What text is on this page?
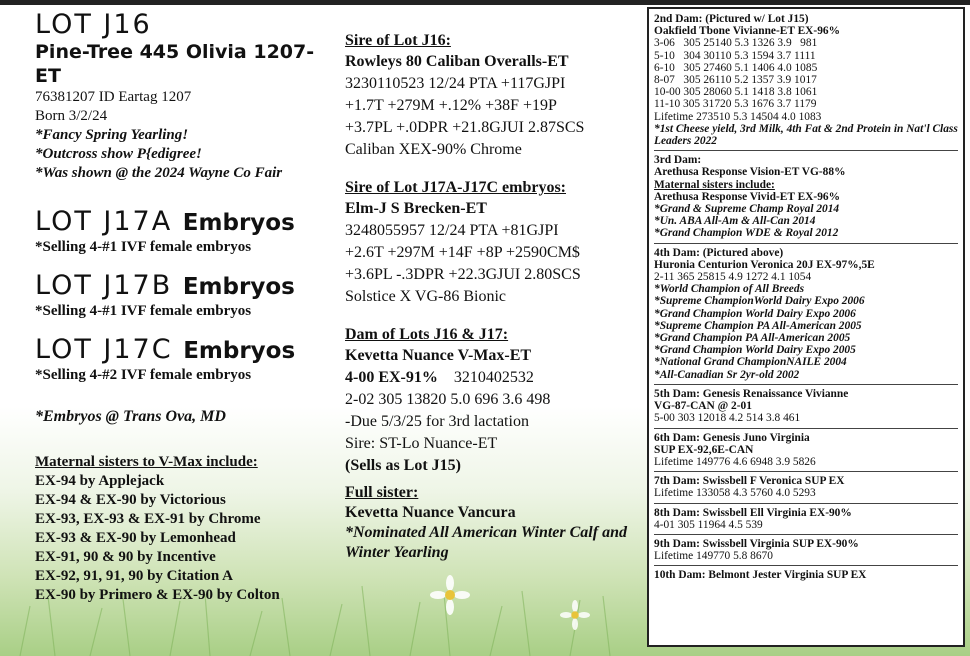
LOT J16
Pine-Tree 445 Olivia 1207-ET
76381207 ID Eartag 1207
Born 3/2/24
*Fancy Spring Yearling!
*Outcross show P{edigree!
*Was shown @ the 2024 Wayne Co Fair
LOT J17A Embryos
*Selling 4-#1 IVF female embryos
LOT J17B Embryos
*Selling 4-#1 IVF female embryos
LOT J17C Embryos
*Selling 4-#2 IVF female embryos
*Embryos @ Trans Ova, MD
Maternal sisters to V-Max include:
EX-94 by Applejack
EX-94 & EX-90 by Victorious
EX-93, EX-93 & EX-91 by Chrome
EX-93 & EX-90 by Lemonhead
EX-91, 90 & 90 by Incentive
EX-92, 91, 91, 90 by Citation A
EX-90 by Primero & EX-90 by Colton
Sire of Lot J16:
Rowleys 80 Caliban Overalls-ET
3230110523 12/24 PTA +117GJPI
+1.7T +279M +.12% +38F +19P
+3.7PL +.0DPR +21.8GJUI 2.87SCS
Caliban XEX-90% Chrome
Sire of Lot J17A-J17C embryos:
Elm-J S Brecken-ET
3248055957 12/24 PTA +81GJPI
+2.6T +297M +14F +8P +2590CM$
+3.6PL -.3DPR +22.3GJUI 2.80SCS
Solstice X VG-86 Bionic
Dam of Lots J16 & J17:
Kevetta Nuance V-Max-ET
4-00 EX-91% 3210402532
2-02 305 13820 5.0 696 3.6 498
-Due 5/3/25 for 3rd lactation
Sire: ST-Lo Nuance-ET
(Sells as Lot J15)
Full sister:
Kevetta Nuance Vancura
*Nominated All American Winter Calf and Winter Yearling
2nd Dam: (Pictured w/ Lot J15)
Oakfield Tbone Vivianne-ET EX-96%
3-06   305 25140 5.3 1326 3.9   981
5-10   304 30110 5.3 1594 3.7 1111
6-10   305 27460 5.1 1406 4.0 1085
8-07   305 26110 5.2 1357 3.9 1017
10-00 305 28060 5.1 1418 3.8 1061
11-10 305 31720 5.3 1676 3.7 1179
Lifetime 273510 5.3 14504 4.0 1083
*1st Cheese yield, 3rd Milk, 4th Fat & 2nd Protein in Nat'l Class Leaders 2022
3rd Dam:
Arethusa Response Vision-ET VG-88%
Maternal sisters include:
Arethusa Response Vivid-ET EX-96%
*Grand & Supreme Champ Royal 2014
*Un. ABA All-Am & All-Can 2014
*Grand Champion WDE & Royal 2012
4th Dam: (Pictured above)
Huronia Centurion Veronica 20J EX-97%,5E
2-11 365 25815 4.9 1272 4.1 1054
*World Champion of All Breeds
*Supreme ChampionWorld Dairy Expo 2006
*Grand Champion World Dairy Expo 2006
*Supreme Champion PA All-American 2005
*Grand Champion PA All-American 2005
*Grand Champion World Dairy Expo 2005
*National Grand ChampionNAILE 2004
*All-Canadian Sr 2yr-old 2002
5th Dam: Genesis Renaissance Vivianne
VG-87-CAN @ 2-01
5-00 303 12018 4.2 514 3.8 461
6th Dam: Genesis Juno Virginia
SUP EX-92,6E-CAN
Lifetime 149776 4.6 6948 3.9 5826
7th Dam: Swissbell F Veronica SUP EX
Lifetime 133058 4.3 5760 4.0 5293
8th Dam: Swissbell Ell Virginia EX-90%
4-01 305 11964 4.5 539
9th Dam: Swissbell Virginia SUP EX-90%
Lifetime 149770 5.8 8670
10th Dam: Belmont Jester Virginia SUP EX
